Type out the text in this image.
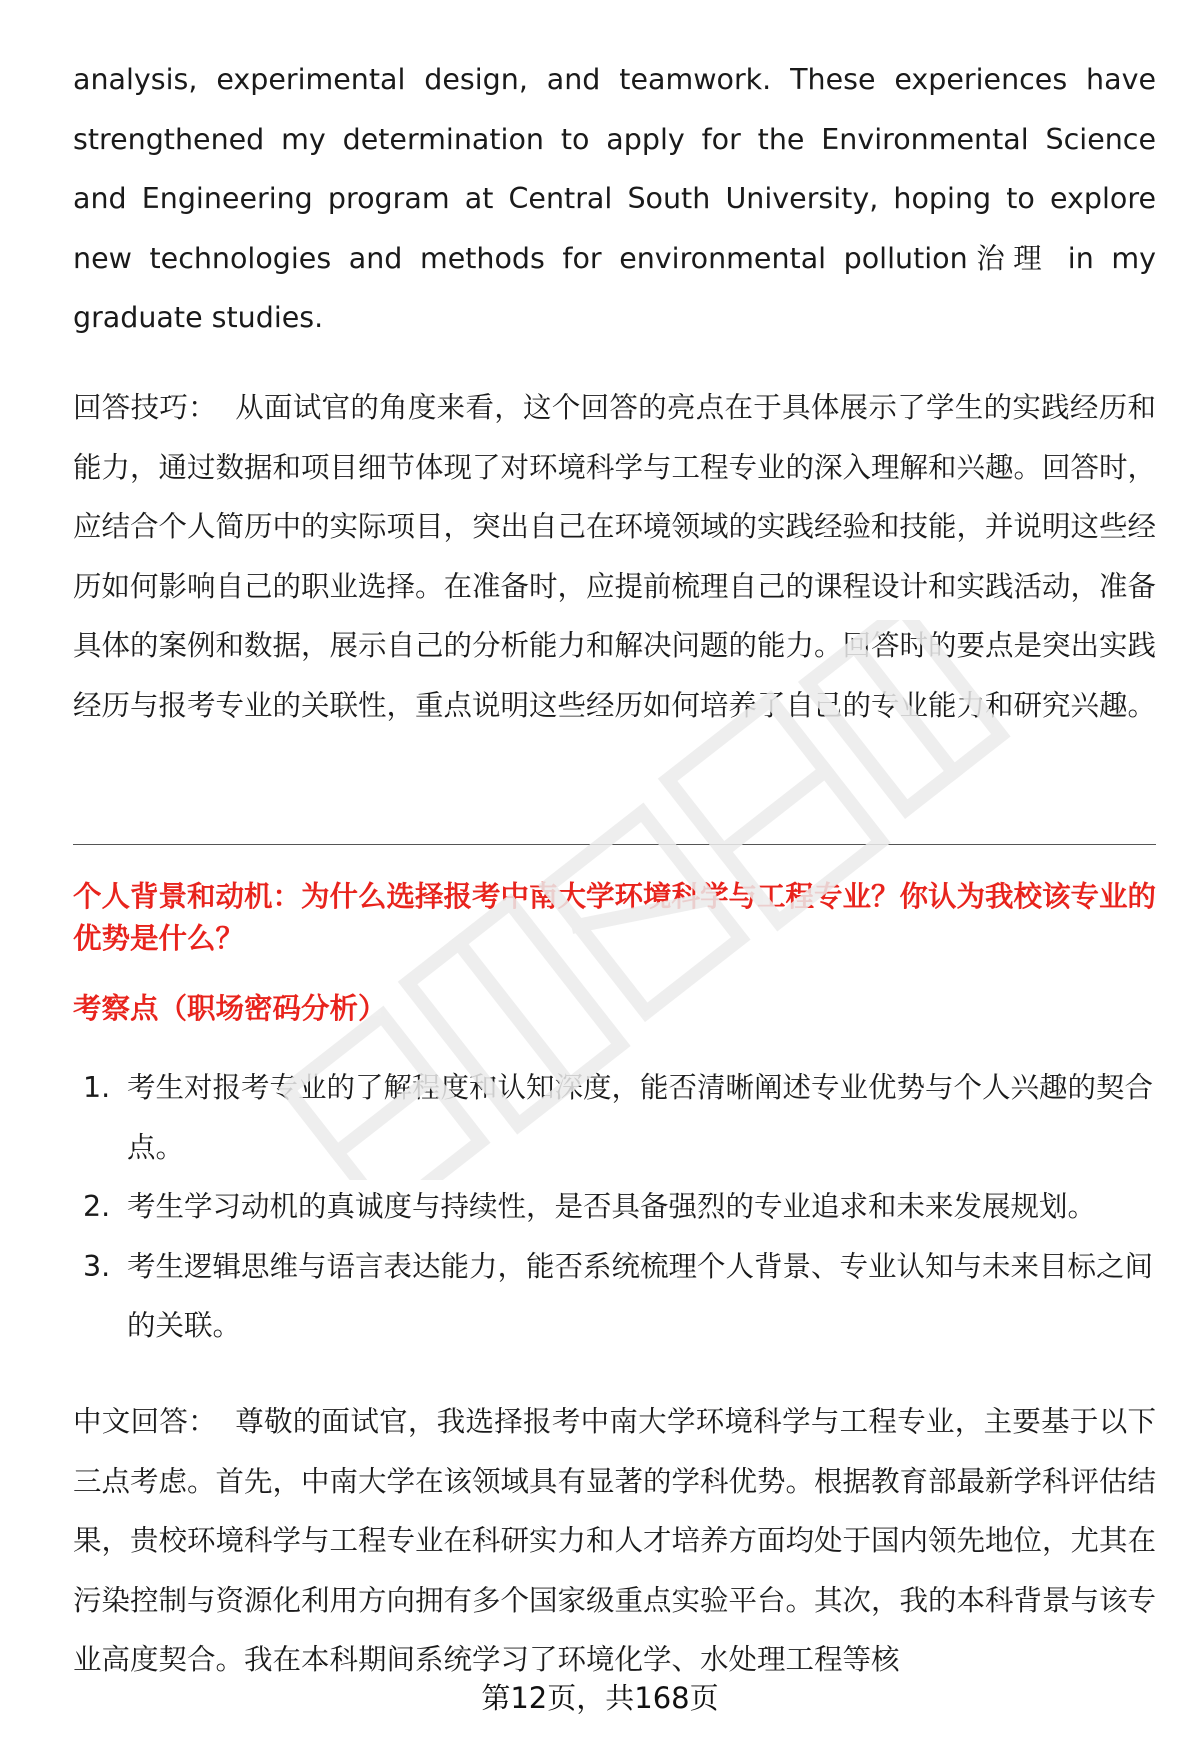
analysis, experimental design, and teamwork. These experiences have strengthened my determination to apply for the Environmental Science and Engineering program at Central South University, hoping to explore new technologies and methods for environmental pollution治理 in my graduate studies.

回答技巧： 从面试官的角度来看，这个回答的亮点在于具体展示了学生的实践经历和能力，通过数据和项目细节体现了对环境科学与工程专业的深入理解和兴趣。回答时，应结合个人简历中的实际项目，突出自己在环境领域的实践经验和技能，并说明这些经历如何影响自己的职业选择。在准备时，应提前梳理自己的课程设计和实践活动，准备具体的案例和数据，展示自己的分析能力和解决问题的能力。回答时的要点是突出实践经历与报考专业的关联性，重点说明这些经历如何培养了自己的专业能力和研究兴趣。

个人背景和动机：为什么选择报考中南大学环境科学与工程专业？你认为我校该专业的优势是什么？

考察点（职场密码分析）

1. 考生对报考专业的了解程度和认知深度，能否清晰阐述专业优势与个人兴趣的契合点。
2. 考生学习动机的真诚度与持续性，是否具备强烈的专业追求和未来发展规划。
3. 考生逻辑思维与语言表达能力，能否系统梳理个人背景、专业认知与未来目标之间的关联。

中文回答： 尊敬的面试官，我选择报考中南大学环境科学与工程专业，主要基于以下三点考虑。首先，中南大学在该领域具有显著的学科优势。根据教育部最新学科评估结果，贵校环境科学与工程专业在科研实力和人才培养方面均处于国内领先地位，尤其在污染控制与资源化利用方向拥有多个国家级重点实验平台。其次，我的本科背景与该专业高度契合。我在本科期间系统学习了环境化学、水处理工程等核

第12页，共168页
